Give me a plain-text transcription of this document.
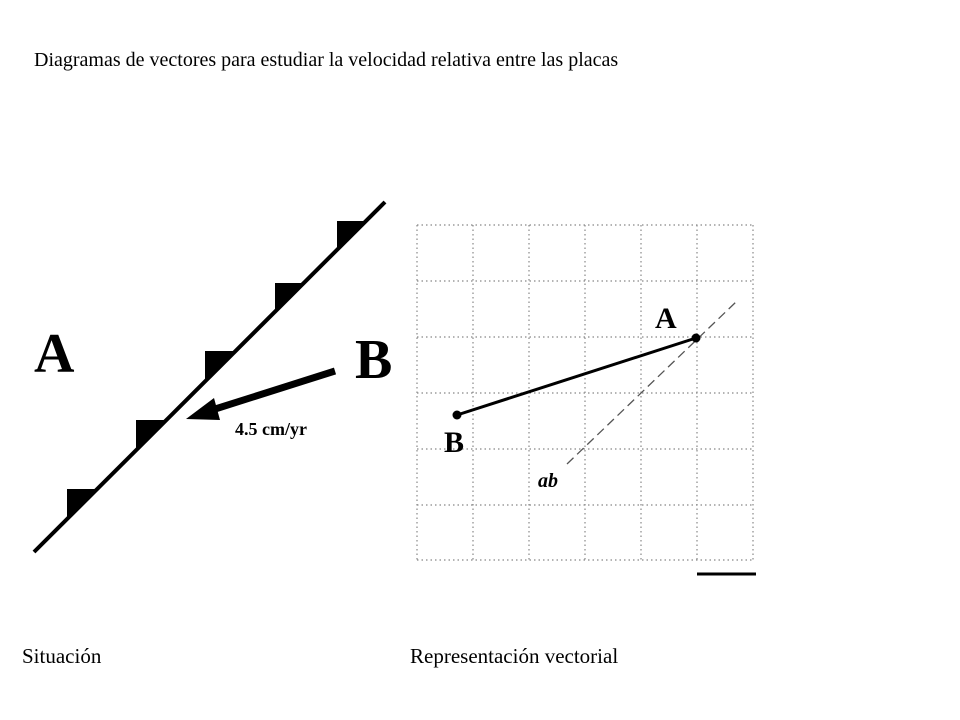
Diagramas de vectores para estudiar la velocidad relativa entre las placas
A	B
4.5 cm/yr
A
B
ab
Situación	Representación vectorial
